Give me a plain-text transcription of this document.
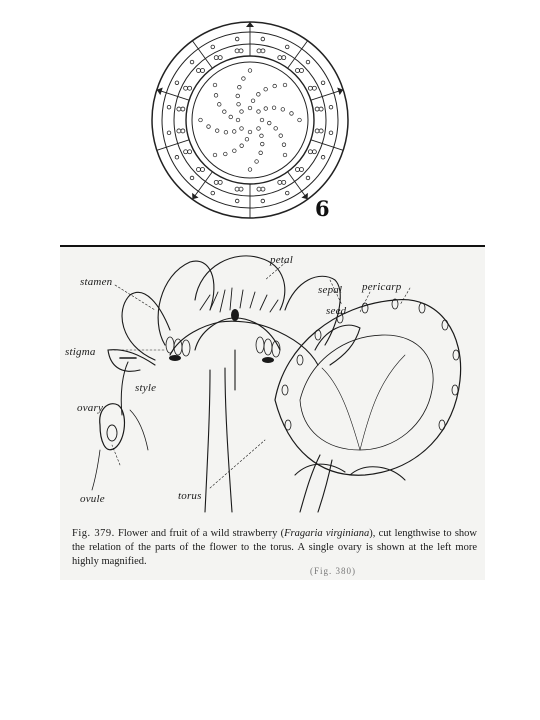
6
stamen
petal
sepal pericarp
seed
stigma
style
ovary
ovule	torus
Fig. 379. Flower and fruit of a wild strawberry (Fragaria virginiana), cut lengthwise to show the relation of the parts of the flower to the torus. A single ovary is shown at the left more highly magnified.
(Fig. 380)
